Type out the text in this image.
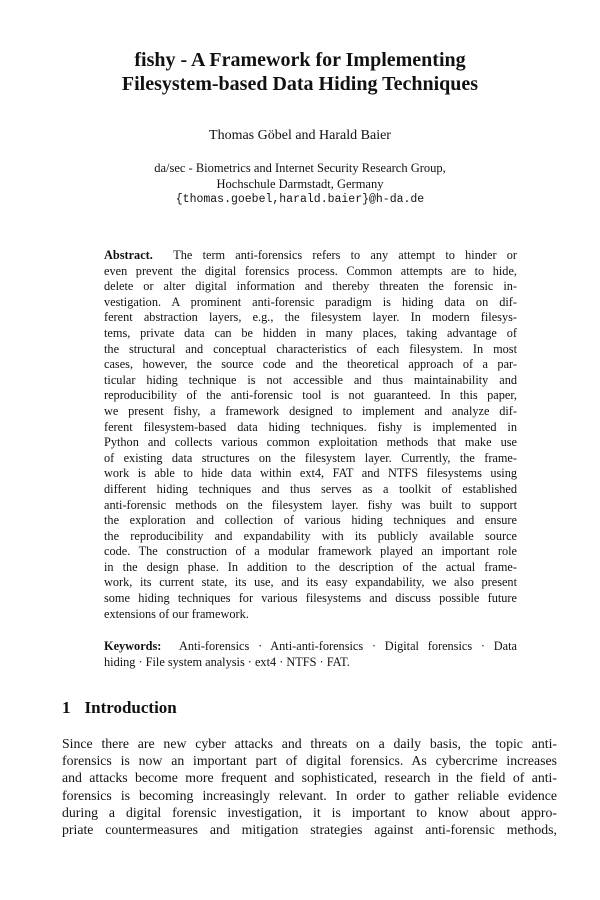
fishy - A Framework for Implementing
Filesystem-based Data Hiding Techniques
Thomas Göbel and Harald Baier
da/sec - Biometrics and Internet Security Research Group,
Hochschule Darmstadt, Germany
{thomas.goebel,harald.baier}@h-da.de
Abstract. The term anti-forensics refers to any attempt to hinder or
even prevent the digital forensics process. Common attempts are to hide,
delete or alter digital information and thereby threaten the forensic in-
vestigation. A prominent anti-forensic paradigm is hiding data on dif-
ferent abstraction layers, e.g., the filesystem layer. In modern filesys-
tems, private data can be hidden in many places, taking advantage of
the structural and conceptual characteristics of each filesystem. In most
cases, however, the source code and the theoretical approach of a par-
ticular hiding technique is not accessible and thus maintainability and
reproducibility of the anti-forensic tool is not guaranteed. In this paper,
we present fishy, a framework designed to implement and analyze dif-
ferent filesystem-based data hiding techniques. fishy is implemented in
Python and collects various common exploitation methods that make use
of existing data structures on the filesystem layer. Currently, the frame-
work is able to hide data within ext4, FAT and NTFS filesystems using
different hiding techniques and thus serves as a toolkit of established
anti-forensic methods on the filesystem layer. fishy was built to support
the exploration and collection of various hiding techniques and ensure
the reproducibility and expandability with its publicly available source
code. The construction of a modular framework played an important role
in the design phase. In addition to the description of the actual frame-
work, its current state, its use, and its easy expandability, we also present
some hiding techniques for various filesystems and discuss possible future
extensions of our framework.
Keywords: Anti-forensics · Anti-anti-forensics · Digital forensics · Data
hiding · File system analysis · ext4 · NTFS · FAT.
1 Introduction
Since there are new cyber attacks and threats on a daily basis, the topic anti-
forensics is now an important part of digital forensics. As cybercrime increases
and attacks become more frequent and sophisticated, research in the field of anti-
forensics is becoming increasingly relevant. In order to gather reliable evidence
during a digital forensic investigation, it is important to know about appro-
priate countermeasures and mitigation strategies against anti-forensic methods,
